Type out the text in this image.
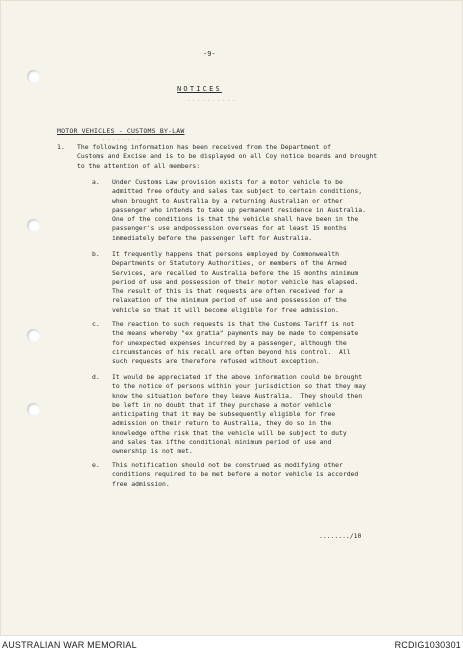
-9-
NOTICES
. . . . . . . . . .
MOTOR VEHICLES - CUSTOMS BY-LAW
. . . . . . . .
1. The following information has been received from the Department of

Customs and Excise and is to be displayed on all Coy notice boards and brought

to the attention of all members:

a. Under Customs Law provision exists for a motor vehicle to be

admitted free ofduty and sales tax subject to certain conditions,

when brought to Australia by a returning Australian or other

passenger who intends to take up permanent residence in Australia.

One of the conditions is that the vehicle shall have been in the

passenger's use andpossession overseas for at least 15 months

immediately before the passenger left for Australia.

b. It frequently happens that persons employed by Commonwealth

Departments or Statutory Authorities, or members of the Armed

Services, are recalled to Australia before the 15 months minimum

period of use and possession of their motor vehicle has elapsed.

The result of this is that requests are often received for a

relaxation of the minimum period of use and possession of the

vehicle so that it will become eligible for free admission.

c. The reaction to such requests is that the Customs Tariff is not

the means whereby "ex gratia" payments may be made to compensate

for unexpected expenses incurred by a passenger, although the

circumstances of his recall are often beyond his control.  All

such requests are therefore refused without exception.

d. It would be appreciated if the above information could be brought

to the notice of persons within your jurisdiction so that they may

know the situation before they leave Australia.  They should then

be left in no doubt that if they purchase a motor vehicle

anticipating that it may be subsequently eligible for free

admission on their return to Australia, they do so in the

knowledge ofthe risk that the vehicle will be subject to duty

and sales tax ifthe conditional minimum period of use and

ownership is not met.

e. This notification should not be construed as modifying other

conditions required to be met before a motor vehicle is accorded

free admission.

......../10
AUSTRALIAN WAR MEMORIAL	RCDIG1030301
